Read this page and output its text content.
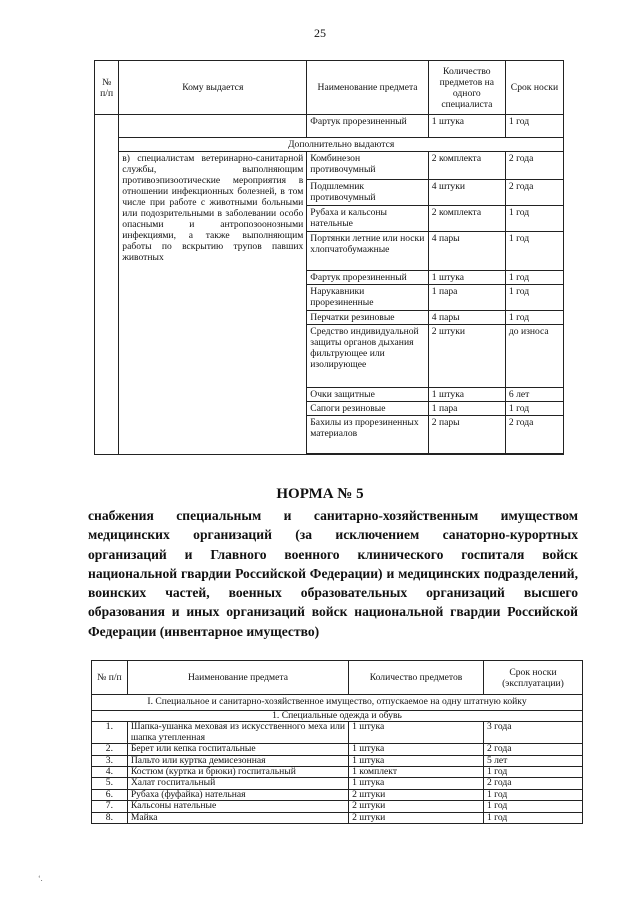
25
№ п/п	Кому выдается	Наименование предмета	Количество предметов на одного специалиста	Срок носки
		Фартук прорезиненный	1 штука	1 год
	Дополнительно выдаются			
	в) специалистам ветеринарно-санитарной службы, выполняющим противоэпизоотические мероприятия в отношении инфекционных болезней, в том числе при работе с животными больными или подозрительными в заболевании особо опасными и антропозоонозными инфекциями, а также выполняющим работы по вскрытию трупов павших животных	Комбинезон противочумный	2 комплекта	2 года
		Подшлемник противочумный	4 штуки	2 года
		Рубаха и кальсоны нательные	2 комплекта	1 год
		Портянки летние или носки хлопчатобумажные	4 пары	1 год
		Фартук прорезиненный	1 штука	1 год
		Нарукавники прорезиненные	1 пара	1 год
		Перчатки резиновые	4 пары	1 год
		Средство индивидуальной защиты органов дыхания фильтрующее или изолирующее	2 штуки	до износа
		Очки защитные	1 штука	6 лет
		Сапоги резиновые	1 пара	1 год
		Бахилы из прорезиненных материалов	2 пары	2 года

НОРМА № 5
снабжения специальным и санитарно-хозяйственным имуществом медицинских организаций (за исключением санаторно-курортных организаций и Главного военного клинического госпиталя войск национальной гвардии Российской Федерации) и медицинских подразделений, воинских частей, военных образовательных организаций высшего образования и иных организаций войск национальной гвардии Российской Федерации (инвентарное имущество)
№ п/п	Наименование предмета	Количество предметов	Срок носки (эксплуатации)
I. Специальное и санитарно-хозяйственное имущество, отпускаемое на одну штатную койку			
1. Специальные одежда и обувь			
1.	Шапка-ушанка меховая из искусственного меха или шапка утепленная	1 штука	3 года
2.	Берет или кепка госпитальные	1 штука	2 года
3.	Пальто или куртка демисезонная	1 штука	5 лет
4.	Костюм (куртка и брюки) госпитальный	1 комплект	1 год
5.	Халат госпитальный	1 штука	2 года
6.	Рубаха (фуфайка) нательная	2 штуки	1 год
7.	Кальсоны нательные	2 штуки	1 год
8.	Майка	2 штуки	1 год
‘.
